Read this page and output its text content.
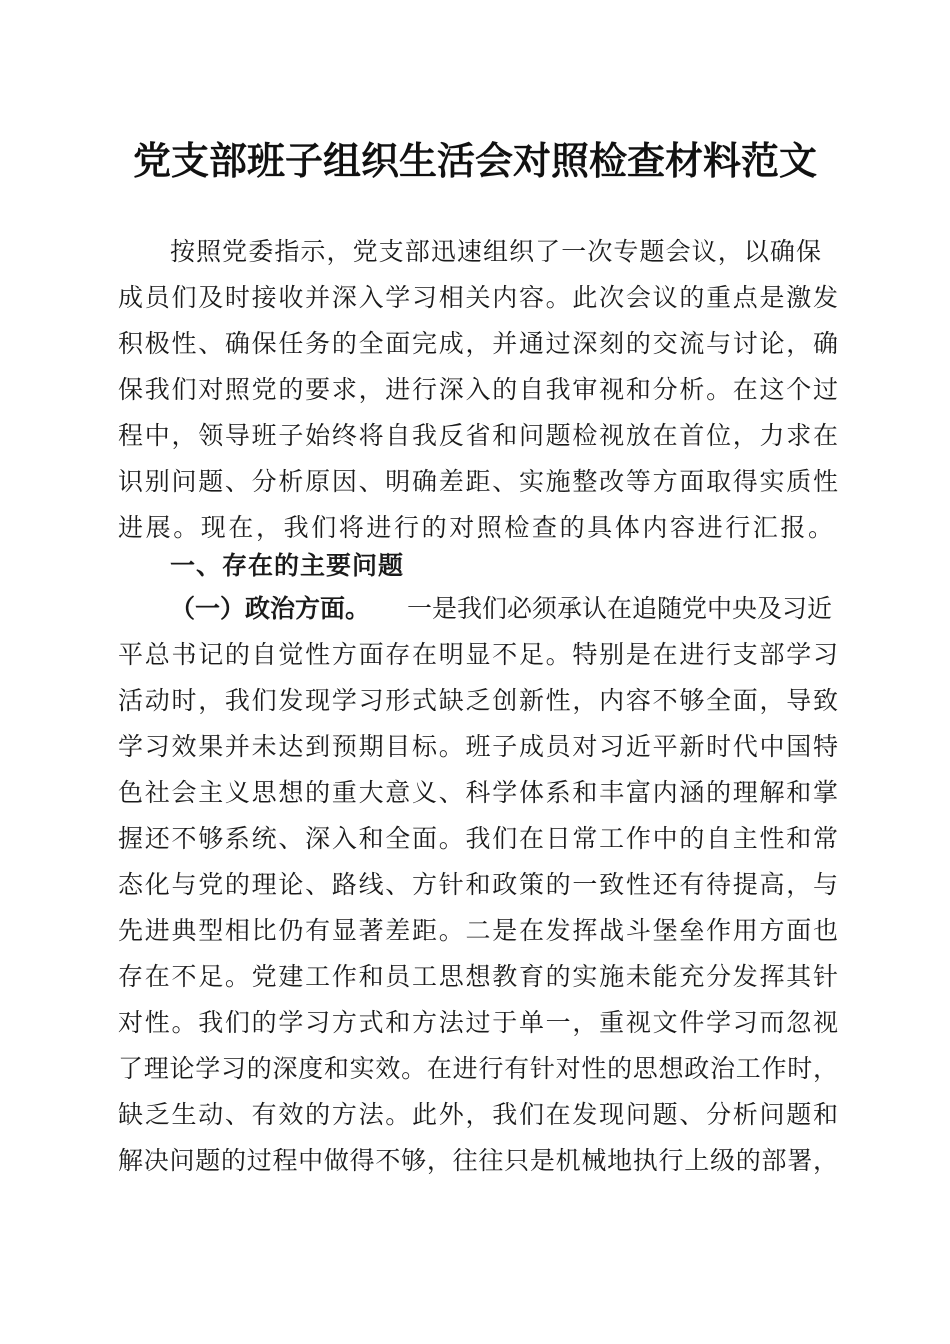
党支部班子组织生活会对照检查材料范文
按照党委指示，党支部迅速组织了一次专题会议，以确保
成员们及时接收并深入学习相关内容。此次会议的重点是激发
积极性、确保任务的全面完成，并通过深刻的交流与讨论，确
保我们对照党的要求，进行深入的自我审视和分析。在这个过
程中，领导班子始终将自我反省和问题检视放在首位，力求在
识别问题、分析原因、明确差距、实施整改等方面取得实质性
进展。现在，我们将进行的对照检查的具体内容进行汇报。
一、存在的主要问题
（一）政治方面。 一是我们必须承认在追随党中央及习近
平总书记的自觉性方面存在明显不足。特别是在进行支部学习
活动时，我们发现学习形式缺乏创新性，内容不够全面，导致
学习效果并未达到预期目标。班子成员对习近平新时代中国特
色社会主义思想的重大意义、科学体系和丰富内涵的理解和掌
握还不够系统、深入和全面。我们在日常工作中的自主性和常
态化与党的理论、路线、方针和政策的一致性还有待提高，与
先进典型相比仍有显著差距。二是在发挥战斗堡垒作用方面也
存在不足。党建工作和员工思想教育的实施未能充分发挥其针
对性。我们的学习方式和方法过于单一，重视文件学习而忽视
了理论学习的深度和实效。在进行有针对性的思想政治工作时，
缺乏生动、有效的方法。此外，我们在发现问题、分析问题和
解决问题的过程中做得不够，往往只是机械地执行上级的部署，
